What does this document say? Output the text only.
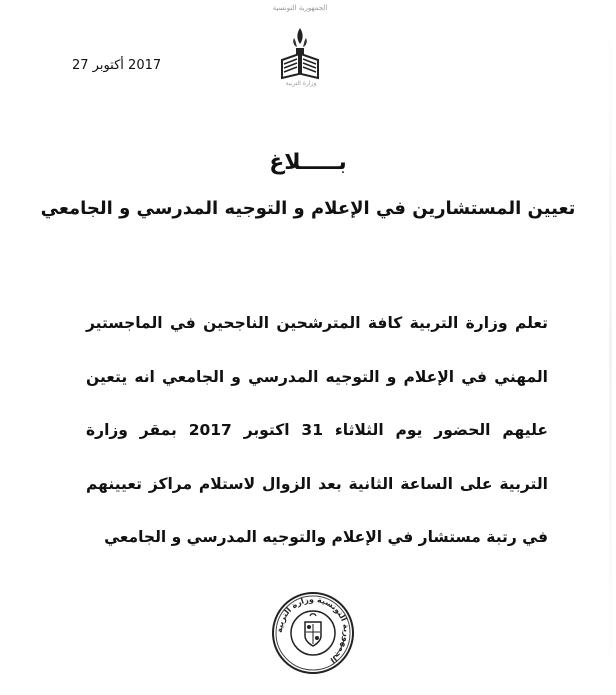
الجمهورية التونسية
وزارة التربية
2017 أكتوبر 27
بـــــلاغ
تعيين المستشارين في الإعلام و التوجيه المدرسي و الجامعي
تعلم وزارة التربية كافة المترشحين الناجحين في الماجستير المهني في الإعلام و التوجيه المدرسي و الجامعي انه يتعين عليهم الحضور يوم الثلاثاء 31 اكتوبر 2017 بمقر وزارة التربية على الساعة الثانية بعد الزوال لاستلام مراكز تعيينهم في رتبة مستشار في الإعلام والتوجيه المدرسي و الجامعي
الجمهورية التونسية وزارة التربية
